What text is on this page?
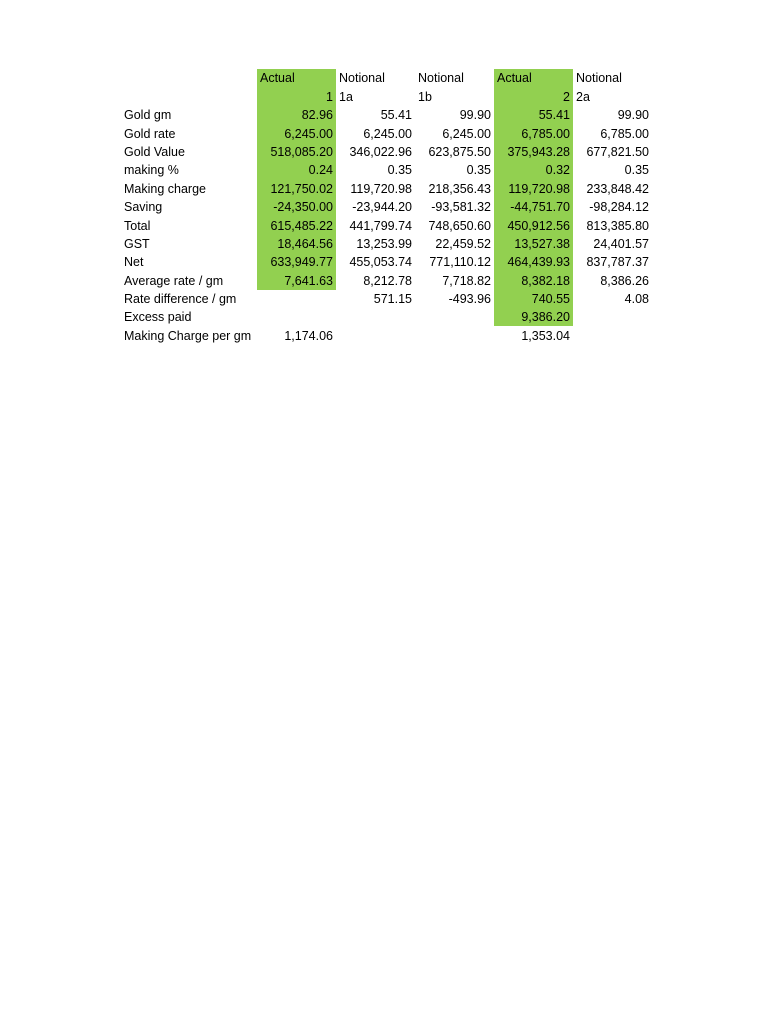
	Actual	Notional	Notional	Actual	Notional
	1	1a	1b	2	2a
Gold gm	82.96	55.41	99.90	55.41	99.90
Gold rate	6,245.00	6,245.00	6,245.00	6,785.00	6,785.00
Gold Value	518,085.20	346,022.96	623,875.50	375,943.28	677,821.50
making %	0.24	0.35	0.35	0.32	0.35
Making charge	121,750.02	119,720.98	218,356.43	119,720.98	233,848.42
Saving	-24,350.00	-23,944.20	-93,581.32	-44,751.70	-98,284.12
Total	615,485.22	441,799.74	748,650.60	450,912.56	813,385.80
GST	18,464.56	13,253.99	22,459.52	13,527.38	24,401.57
Net	633,949.77	455,053.74	771,110.12	464,439.93	837,787.37
Average rate / gm	7,641.63	8,212.78	7,718.82	8,382.18	8,386.26
Rate difference / gm		571.15	-493.96	740.55	4.08
Excess paid				9,386.20	
Making Charge per gm	1,174.06			1,353.04	
